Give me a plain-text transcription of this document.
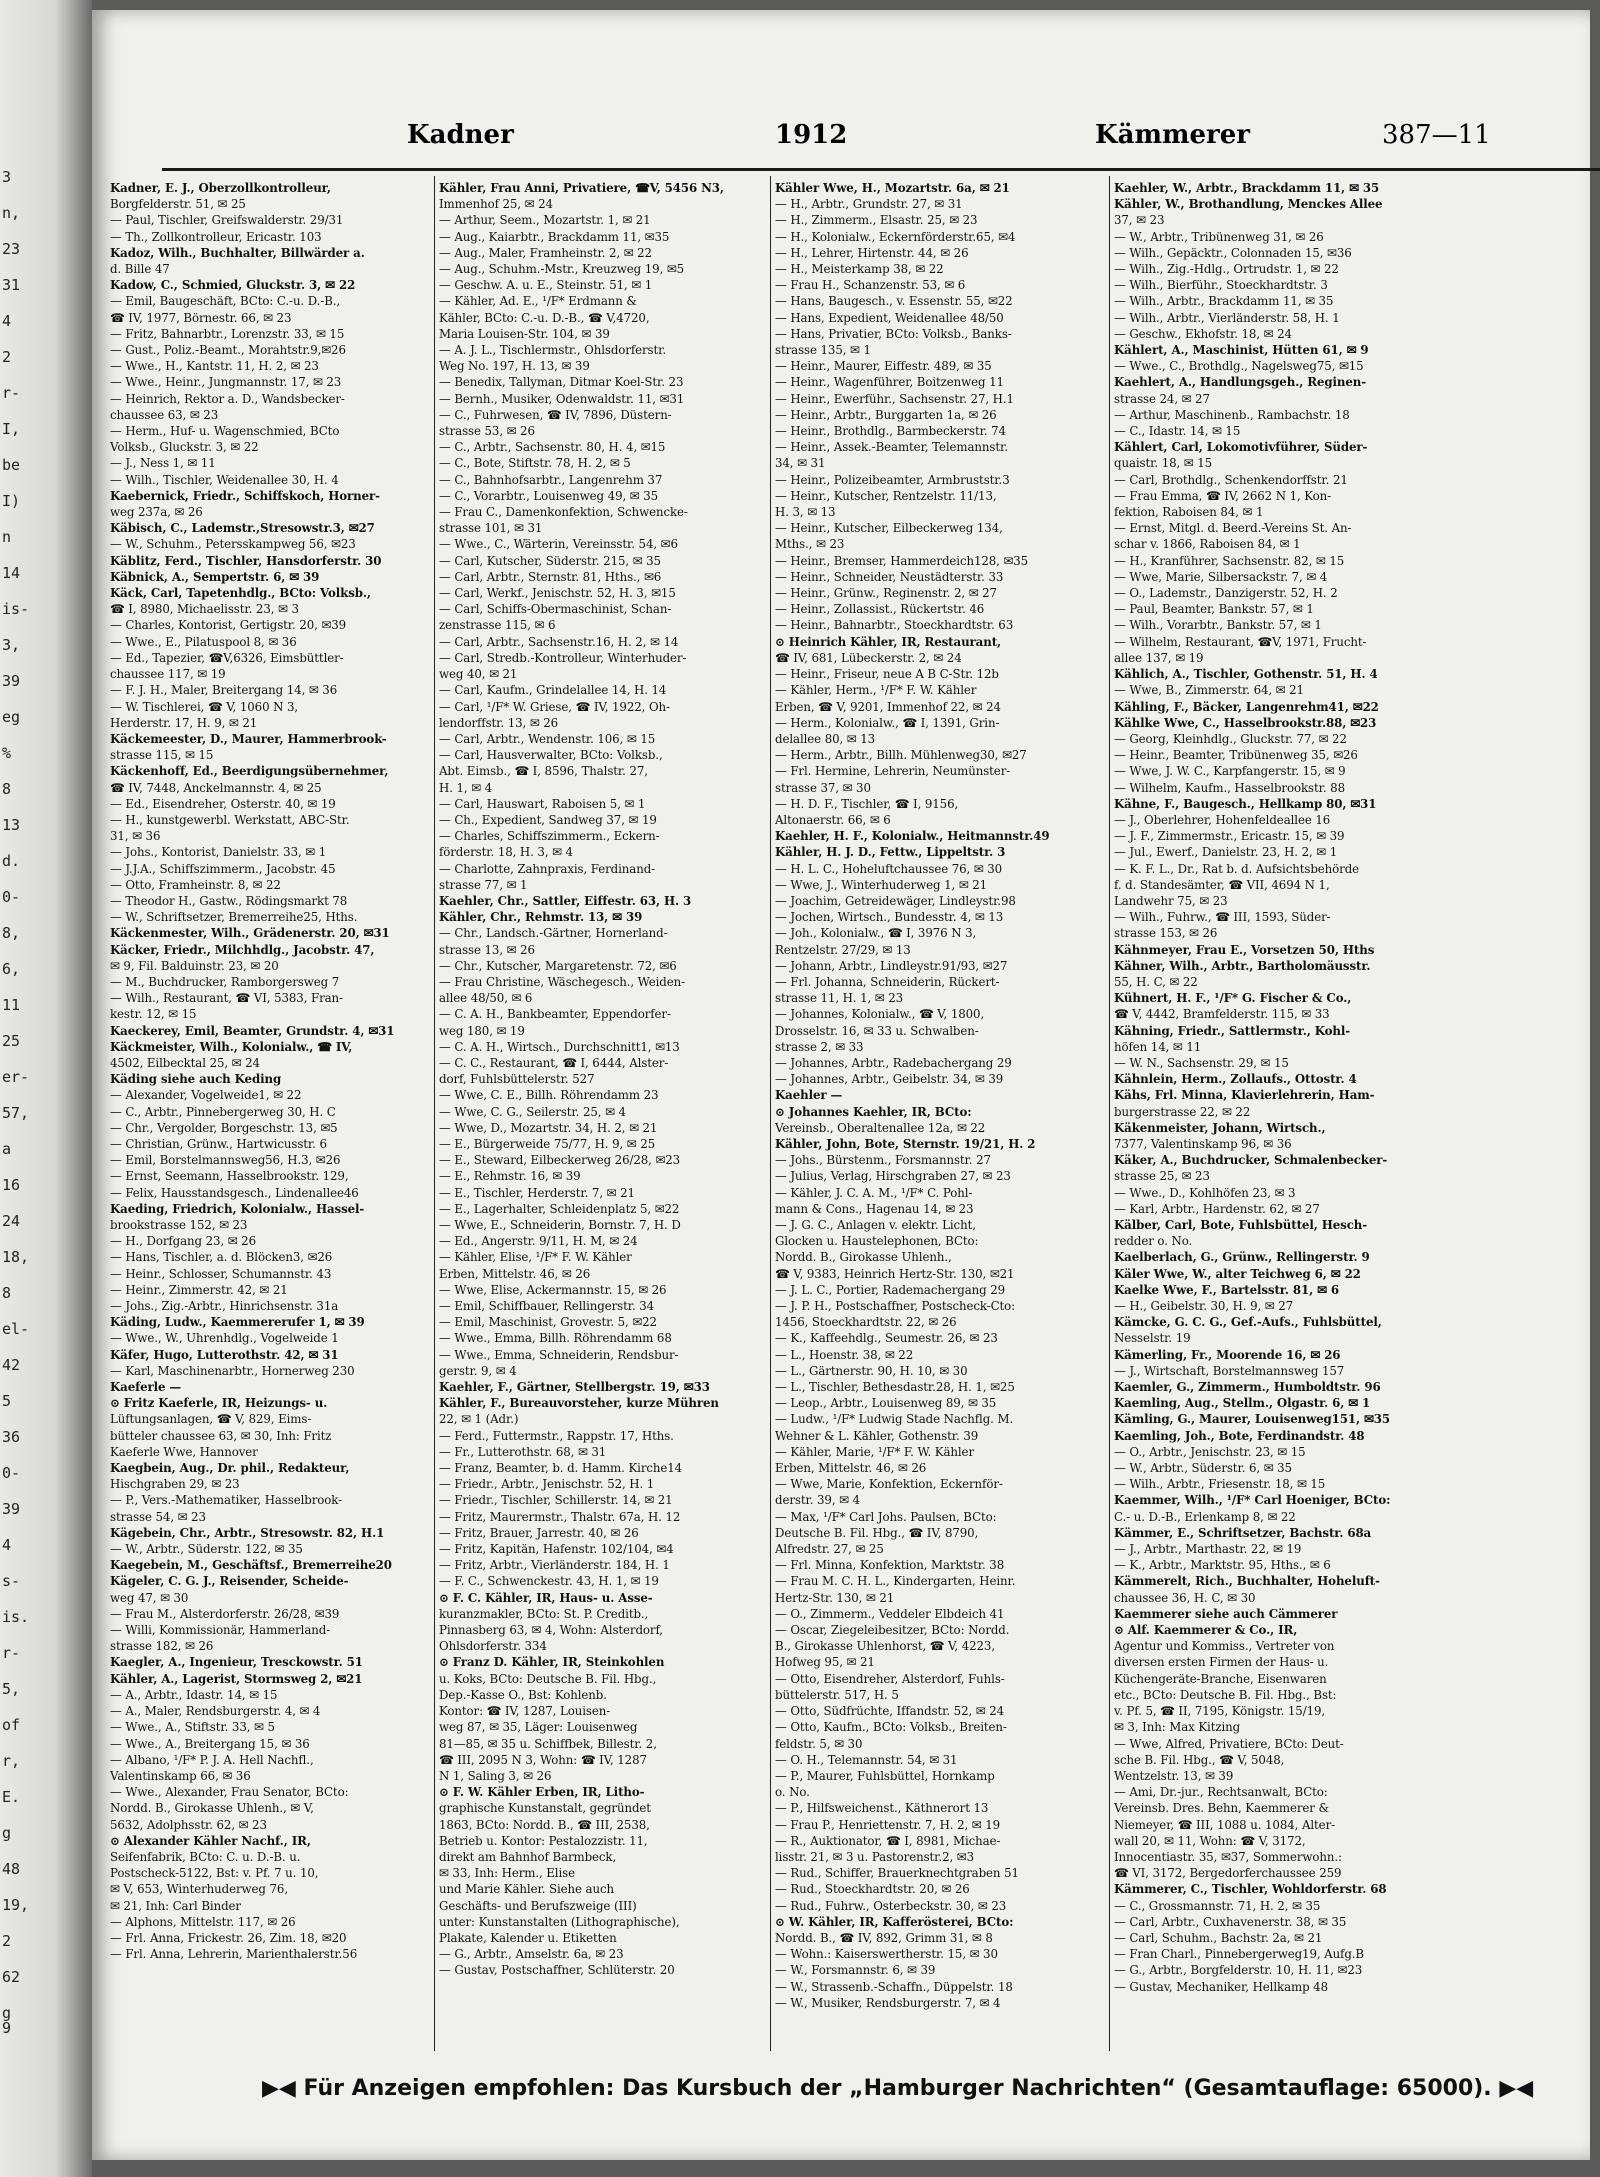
3
n,
23
31
4
2
r-
I,
be
I)
n
14
is-
3,
39
eg
%
8
13
d.
0-
8,
6,
11
25
er-
57,
a
16
24
18,
8
el-
42
5
36
0-
39
4
s-
is.
r-
5,
of
r,
E.
g
48
19,
2
62
g 9
Kadner	1912	Kämmerer	387—11
Kadner, E. J., Oberzollkontrolleur,
Borgfelderstr. 51, ✉ 25
— Paul, Tischler, Greifswalderstr. 29/31
— Th., Zollkontrolleur, Ericastr. 103
Kadoz, Wilh., Buchhalter, Billwärder a.
d. Bille 47
Kadow, C., Schmied, Gluckstr. 3, ✉ 22
— Emil, Baugeschäft, BCto: C.-u. D.-B.,
☎ IV, 1977, Börnestr. 66, ✉ 23
— Fritz, Bahnarbtr., Lorenzstr. 33, ✉ 15
— Gust., Poliz.-Beamt., Morahtstr.9,✉26
— Wwe., H., Kantstr. 11, H. 2, ✉ 23
— Wwe., Heinr., Jungmannstr. 17, ✉ 23
— Heinrich, Rektor a. D., Wandsbecker-
chaussee 63, ✉ 23
— Herm., Huf- u. Wagenschmied, BCto
Volksb., Gluckstr. 3, ✉ 22
— J., Ness 1, ✉ 11
— Wilh., Tischler, Weidenallee 30, H. 4
Kaebernick, Friedr., Schiffskoch, Horner-
weg 237a, ✉ 26
Käbisch, C., Lademstr.,Stresowstr.3, ✉27
— W., Schuhm., Petersskampweg 56, ✉23
Käblitz, Ferd., Tischler, Hansdorferstr. 30
Käbnick, A., Sempertstr. 6, ✉ 39
Käck, Carl, Tapetenhdlg., BCto: Volksb.,
☎ I, 8980, Michaelisstr. 23, ✉ 3
— Charles, Kontorist, Gertigstr. 20, ✉39
— Wwe., E., Pilatuspool 8, ✉ 36
— Ed., Tapezier, ☎V,6326, Eimsbüttler-
chaussee 117, ✉ 19
— F. J. H., Maler, Breitergang 14, ✉ 36
— W. Tischlerei, ☎ V, 1060 N 3,
Herderstr. 17, H. 9, ✉ 21
Käckemeester, D., Maurer, Hammerbrook-
strasse 115, ✉ 15
Käckenhoff, Ed., Beerdigungsübernehmer,
☎ IV, 7448, Anckelmannstr. 4, ✉ 25
— Ed., Eisendreher, Osterstr. 40, ✉ 19
— H., kunstgewerbl. Werkstatt, ABC-Str.
31, ✉ 36
— Johs., Kontorist, Danielstr. 33, ✉ 1
— J.J.A., Schiffszimmerm., Jacobstr. 45
— Otto, Framheinstr. 8, ✉ 22
— Theodor H., Gastw., Rödingsmarkt 78
— W., Schriftsetzer, Bremerreihe25, Hths.
Käckenmester, Wilh., Grädenerstr. 20, ✉31
Käcker, Friedr., Milchhdlg., Jacobstr. 47,
✉ 9, Fil. Balduinstr. 23, ✉ 20
— M., Buchdrucker, Ramborgersweg 7
— Wilh., Restaurant, ☎ VI, 5383, Fran-
kestr. 12, ✉ 15
Kaeckerey, Emil, Beamter, Grundstr. 4, ✉31
Käckmeister, Wilh., Kolonialw., ☎ IV,
4502, Eilbecktal 25, ✉ 24
Käding siehe auch Keding
— Alexander, Vogelweide1, ✉ 22
— C., Arbtr., Pinnebergerweg 30, H. C
— Chr., Vergolder, Borgeschstr. 13, ✉5
— Christian, Grünw., Hartwicusstr. 6
— Emil, Borstelmannsweg56, H.3, ✉26
— Ernst, Seemann, Hasselbrookstr. 129,
— Felix, Hausstandsgesch., Lindenallee46
Kaeding, Friedrich, Kolonialw., Hassel-
brookstrasse 152, ✉ 23
— H., Dorfgang 23, ✉ 26
— Hans, Tischler, a. d. Blöcken3, ✉26
— Heinr., Schlosser, Schumannstr. 43
— Heinr., Zimmerstr. 42, ✉ 21
— Johs., Zig.-Arbtr., Hinrichsenstr. 31a
Käding, Ludw., Kaemmererufer 1, ✉ 39
— Wwe., W., Uhrenhdlg., Vogelweide 1
Käfer, Hugo, Lutterothstr. 42, ✉ 31
— Karl, Maschinenarbtr., Hornerweg 230
Kaeferle —
⊙ Fritz Kaeferle, IR, Heizungs- u.
Lüftungsanlagen, ☎ V, 829, Eims-
bütteler chaussee 63, ✉ 30, Inh: Fritz
Kaeferle Wwe, Hannover
Kaegbein, Aug., Dr. phil., Redakteur,
Hischgraben 29, ✉ 23
— P., Vers.-Mathematiker, Hasselbrook-
strasse 54, ✉ 23
Kägebein, Chr., Arbtr., Stresowstr. 82, H.1
— W., Arbtr., Süderstr. 122, ✉ 35
Kaegebein, M., Geschäftsf., Bremerreihe20
Kägeler, C. G. J., Reisender, Scheide-
weg 47, ✉ 30
— Frau M., Alsterdorferstr. 26/28, ✉39
— Willi, Kommissionär, Hammerland-
strasse 182, ✉ 26
Kaegler, A., Ingenieur, Tresckowstr. 51
Kähler, A., Lagerist, Stormsweg 2, ✉21
— A., Arbtr., Idastr. 14, ✉ 15
— A., Maler, Rendsburgerstr. 4, ✉ 4
— Wwe., A., Stiftstr. 33, ✉ 5
— Wwe., A., Breitergang 15, ✉ 36
— Albano, ¹/F* P. J. A. Hell Nachfl.,
Valentinskamp 66, ✉ 36
— Wwe., Alexander, Frau Senator, BCto:
Nordd. B., Girokasse Uhlenh., ✉ V,
5632, Adolphsstr. 62, ✉ 23
⊙ Alexander Kähler Nachf., IR,
Seifenfabrik, BCto: C. u. D.-B. u.
Postscheck-5122, Bst: v. Pf. 7 u. 10,
✉ V, 653, Winterhuderweg 76,
✉ 21, Inh: Carl Binder
— Alphons, Mittelstr. 117, ✉ 26
— Frl. Anna, Frickestr. 26, Zim. 18, ✉20
— Frl. Anna, Lehrerin, Marienthalerstr.56
Kähler, Frau Anni, Privatiere, ☎V, 5456 N3,
Immenhof 25, ✉ 24
— Arthur, Seem., Mozartstr. 1, ✉ 21
— Aug., Kaiarbtr., Brackdamm 11, ✉35
— Aug., Maler, Framheinstr. 2, ✉ 22
— Aug., Schuhm.-Mstr., Kreuzweg 19, ✉5
— Geschw. A. u. E., Steinstr. 51, ✉ 1
— Kähler, Ad. E., ¹/F* Erdmann &
Kähler, BCto: C.-u. D.-B., ☎ V,4720,
Maria Louisen-Str. 104, ✉ 39
— A. J. L., Tischlermstr., Ohlsdorferstr.
Weg No. 197, H. 13, ✉ 39
— Benedix, Tallyman, Ditmar Koel-Str. 23
— Bernh., Musiker, Odenwaldstr. 11, ✉31
— C., Fuhrwesen, ☎ IV, 7896, Düstern-
strasse 53, ✉ 26
— C., Arbtr., Sachsenstr. 80, H. 4, ✉15
— C., Bote, Stiftstr. 78, H. 2, ✉ 5
— C., Bahnhofsarbtr., Langenrehm 37
— C., Vorarbtr., Louisenweg 49, ✉ 35
— Frau C., Damenkonfektion, Schwencke-
strasse 101, ✉ 31
— Wwe., C., Wärterin, Vereinsstr. 54, ✉6
— Carl, Kutscher, Süderstr. 215, ✉ 35
— Carl, Arbtr., Sternstr. 81, Hths., ✉6
— Carl, Werkf., Jenischstr. 52, H. 3, ✉15
— Carl, Schiffs-Obermaschinist, Schan-
zenstrasse 115, ✉ 6
— Carl, Arbtr., Sachsenstr.16, H. 2, ✉ 14
— Carl, Stredb.-Kontrolleur, Winterhuder-
weg 40, ✉ 21
— Carl, Kaufm., Grindelallee 14, H. 14
— Carl, ¹/F* W. Griese, ☎ IV, 1922, Oh-
lendorffstr. 13, ✉ 26
— Carl, Arbtr., Wendenstr. 106, ✉ 15
— Carl, Hausverwalter, BCto: Volksb.,
Abt. Eimsb., ☎ I, 8596, Thalstr. 27,
H. 1, ✉ 4
— Carl, Hauswart, Raboisen 5, ✉ 1
— Ch., Expedient, Sandweg 37, ✉ 19
— Charles, Schiffszimmerm., Eckern-
förderstr. 18, H. 3, ✉ 4
— Charlotte, Zahnpraxis, Ferdinand-
strasse 77, ✉ 1
Kaehler, Chr., Sattler, Eiffestr. 63, H. 3
Kähler, Chr., Rehmstr. 13, ✉ 39
— Chr., Landsch.-Gärtner, Hornerland-
strasse 13, ✉ 26
— Chr., Kutscher, Margaretenstr. 72, ✉6
— Frau Christine, Wäschegesch., Weiden-
allee 48/50, ✉ 6
— C. A. H., Bankbeamter, Eppendorfer-
weg 180, ✉ 19
— C. A. H., Wirtsch., Durchschnitt1, ✉13
— C. C., Restaurant, ☎ I, 6444, Alster-
dorf, Fuhlsbüttelerstr. 527
— Wwe, C. E., Billh. Röhrendamm 23
— Wwe, C. G., Seilerstr. 25, ✉ 4
— Wwe, D., Mozartstr. 34, H. 2, ✉ 21
— E., Bürgerweide 75/77, H. 9, ✉ 25
— E., Steward, Eilbeckerweg 26/28, ✉23
— E., Rehmstr. 16, ✉ 39
— E., Tischler, Herderstr. 7, ✉ 21
— E., Lagerhalter, Schleidenplatz 5, ✉22
— Wwe, E., Schneiderin, Bornstr. 7, H. D
— Ed., Angerstr. 9/11, H. M, ✉ 24
— Kähler, Elise, ¹/F* F. W. Kähler
Erben, Mittelstr. 46, ✉ 26
— Wwe, Elise, Ackermannstr. 15, ✉ 26
— Emil, Schiffbauer, Rellingerstr. 34
— Emil, Maschinist, Grovestr. 5, ✉22
— Wwe., Emma, Billh. Röhrendamm 68
— Wwe., Emma, Schneiderin, Rendsbur-
gerstr. 9, ✉ 4
Kaehler, F., Gärtner, Stellbergstr. 19, ✉33
Kähler, F., Bureauvorsteher, kurze Mühren
22, ✉ 1 (Adr.)
— Ferd., Futtermstr., Rappstr. 17, Hths.
— Fr., Lutterothstr. 68, ✉ 31
— Franz, Beamter, b. d. Hamm. Kirche14
— Friedr., Arbtr., Jenischstr. 52, H. 1
— Friedr., Tischler, Schillerstr. 14, ✉ 21
— Fritz, Maurermstr., Thalstr. 67a, H. 12
— Fritz, Brauer, Jarrestr. 40, ✉ 26
— Fritz, Kapitän, Hafenstr. 102/104, ✉4
— Fritz, Arbtr., Vierländerstr. 184, H. 1
— F. C., Schwenckestr. 43, H. 1, ✉ 19
⊙ F. C. Kähler, IR, Haus- u. Asse-
kuranzmakler, BCto: St. P. Creditb.,
Pinnasberg 63, ✉ 4, Wohn: Alsterdorf,
Ohlsdorferstr. 334
⊙ Franz D. Kähler, IR, Steinkohlen
u. Koks, BCto: Deutsche B. Fil. Hbg.,
Dep.-Kasse O., Bst: Kohlenb.
Kontor: ☎ IV, 1287, Louisen-
weg 87, ✉ 35, Läger: Louisenweg
81—85, ✉ 35 u. Schiffbek, Billestr. 2,
☎ III, 2095 N 3, Wohn: ☎ IV, 1287
N 1, Saling 3, ✉ 26
⊙ F. W. Kähler Erben, IR, Litho-
graphische Kunstanstalt, gegründet
1863, BCto: Nordd. B., ☎ III, 2538,
Betrieb u. Kontor: Pestalozzistr. 11,
direkt am Bahnhof Barmbeck,
✉ 33, Inh: Herm., Elise
und Marie Kähler. Siehe auch
Geschäfts- und Berufszweige (III)
unter: Kunstanstalten (Lithographische),
Plakate, Kalender u. Etiketten
— G., Arbtr., Amselstr. 6a, ✉ 23
— Gustav, Postschaffner, Schlüterstr. 20
Kähler Wwe, H., Mozartstr. 6a, ✉ 21
— H., Arbtr., Grundstr. 27, ✉ 31
— H., Zimmerm., Elsastr. 25, ✉ 23
— H., Kolonialw., Eckernförderstr.65, ✉4
— H., Lehrer, Hirtenstr. 44, ✉ 26
— H., Meisterkamp 38, ✉ 22
— Frau H., Schanzenstr. 53, ✉ 6
— Hans, Baugesch., v. Essenstr. 55, ✉22
— Hans, Expedient, Weidenallee 48/50
— Hans, Privatier, BCto: Volksb., Banks-
strasse 135, ✉ 1
— Heinr., Maurer, Eiffestr. 489, ✉ 35
— Heinr., Wagenführer, Boitzenweg 11
— Heinr., Ewerführ., Sachsenstr. 27, H.1
— Heinr., Arbtr., Burggarten 1a, ✉ 26
— Heinr., Brothdlg., Barmbeckerstr. 74
— Heinr., Assek.-Beamter, Telemannstr.
34, ✉ 31
— Heinr., Polizeibeamter, Armbruststr.3
— Heinr., Kutscher, Rentzelstr. 11/13,
H. 3, ✉ 13
— Heinr., Kutscher, Eilbeckerweg 134,
Mths., ✉ 23
— Heinr., Bremser, Hammerdeich128, ✉35
— Heinr., Schneider, Neustädterstr. 33
— Heinr., Grünw., Reginenstr. 2, ✉ 27
— Heinr., Zollassist., Rückertstr. 46
— Heinr., Bahnarbtr., Stoeckhardtstr. 63
⊙ Heinrich Kähler, IR, Restaurant,
☎ IV, 681, Lübeckerstr. 2, ✉ 24
— Heinr., Friseur, neue A B C-Str. 12b
— Kähler, Herm., ¹/F* F. W. Kähler
Erben, ☎ V, 9201, Immenhof 22, ✉ 24
— Herm., Kolonialw., ☎ I, 1391, Grin-
delallee 80, ✉ 13
— Herm., Arbtr., Billh. Mühlenweg30, ✉27
— Frl. Hermine, Lehrerin, Neumünster-
strasse 37, ✉ 30
— H. D. F., Tischler, ☎ I, 9156,
Altonaerstr. 66, ✉ 6
Kaehler, H. F., Kolonialw., Heitmannstr.49
Kähler, H. J. D., Fettw., Lippeltstr. 3
— H. L. C., Hoheluftchaussee 76, ✉ 30
— Wwe, J., Winterhuderweg 1, ✉ 21
— Joachim, Getreidewäger, Lindleystr.98
— Jochen, Wirtsch., Bundesstr. 4, ✉ 13
— Joh., Kolonialw., ☎ I, 3976 N 3,
Rentzelstr. 27/29, ✉ 13
— Johann, Arbtr., Lindleystr.91/93, ✉27
— Frl. Johanna, Schneiderin, Rückert-
strasse 11, H. 1, ✉ 23
— Johannes, Kolonialw., ☎ V, 1800,
Drosselstr. 16, ✉ 33 u. Schwalben-
strasse 2, ✉ 33
— Johannes, Arbtr., Radebachergang 29
— Johannes, Arbtr., Geibelstr. 34, ✉ 39
Kaehler —
⊙ Johannes Kaehler, IR, BCto:
Vereinsb., Oberaltenallee 12a, ✉ 22
Kähler, John, Bote, Sternstr. 19/21, H. 2
— Johs., Bürstenm., Forsmannstr. 27
— Julius, Verlag, Hirschgraben 27, ✉ 23
— Kähler, J. C. A. M., ¹/F* C. Pohl-
mann & Cons., Hagenau 14, ✉ 23
— J. G. C., Anlagen v. elektr. Licht,
Glocken u. Haustelephonen, BCto:
Nordd. B., Girokasse Uhlenh.,
☎ V, 9383, Heinrich Hertz-Str. 130, ✉21
— J. L. C., Portier, Rademachergang 29
— J. P. H., Postschaffner, Postscheck-Cto:
1456, Stoeckhardtstr. 22, ✉ 26
— K., Kaffeehdlg., Seumestr. 26, ✉ 23
— L., Hoenstr. 38, ✉ 22
— L., Gärtnerstr. 90, H. 10, ✉ 30
— L., Tischler, Bethesdastr.28, H. 1, ✉25
— Leop., Arbtr., Louisenweg 89, ✉ 35
— Ludw., ¹/F* Ludwig Stade Nachflg. M.
Wehner & L. Kähler, Gothenstr. 39
— Kähler, Marie, ¹/F* F. W. Kähler
Erben, Mittelstr. 46, ✉ 26
— Wwe, Marie, Konfektion, Eckernför-
derstr. 39, ✉ 4
— Max, ¹/F* Carl Johs. Paulsen, BCto:
Deutsche B. Fil. Hbg., ☎ IV, 8790,
Alfredstr. 27, ✉ 25
— Frl. Minna, Konfektion, Marktstr. 38
— Frau M. C. H. L., Kindergarten, Heinr.
Hertz-Str. 130, ✉ 21
— O., Zimmerm., Veddeler Elbdeich 41
— Oscar, Ziegeleibesitzer, BCto: Nordd.
B., Girokasse Uhlenhorst, ☎ V, 4223,
Hofweg 95, ✉ 21
— Otto, Eisendreher, Alsterdorf, Fuhls-
büttelerstr. 517, H. 5
— Otto, Südfrüchte, Iffandstr. 52, ✉ 24
— Otto, Kaufm., BCto: Volksb., Breiten-
feldstr. 5, ✉ 30
— O. H., Telemannstr. 54, ✉ 31
— P., Maurer, Fuhlsbüttel, Hornkamp
o. No.
— P., Hilfsweichenst., Käthnerort 13
— Frau P., Henriettenstr. 7, H. 2, ✉ 19
— R., Auktionator, ☎ I, 8981, Michae-
lisstr. 21, ✉ 3 u. Pastorenstr.2, ✉3
— Rud., Schiffer, Brauerknechtgraben 51
— Rud., Stoeckhardtstr. 20, ✉ 26
— Rud., Fuhrw., Osterbeckstr. 30, ✉ 23
⊙ W. Kähler, IR, Kafferösterei, BCto:
Nordd. B., ☎ IV, 892, Grimm 31, ✉ 8
— Wohn.: Kaiserswertherstr. 15, ✉ 30
— W., Forsmannstr. 6, ✉ 39
— W., Strassenb.-Schaffn., Düppelstr. 18
— W., Musiker, Rendsburgerstr. 7, ✉ 4
Kaehler, W., Arbtr., Brackdamm 11, ✉ 35
Kähler, W., Brothandlung, Menckes Allee
37, ✉ 23
— W., Arbtr., Tribünenweg 31, ✉ 26
— Wilh., Gepäcktr., Colonnaden 15, ✉36
— Wilh., Zig.-Hdlg., Ortrudstr. 1, ✉ 22
— Wilh., Bierführ., Stoeckhardtstr. 3
— Wilh., Arbtr., Brackdamm 11, ✉ 35
— Wilh., Arbtr., Vierländerstr. 58, H. 1
— Geschw., Ekhofstr. 18, ✉ 24
Kählert, A., Maschinist, Hütten 61, ✉ 9
— Wwe., C., Brothdlg., Nagelsweg75, ✉15
Kaehlert, A., Handlungsgeh., Reginen-
strasse 24, ✉ 27
— Arthur, Maschinenb., Rambachstr. 18
— C., Idastr. 14, ✉ 15
Kählert, Carl, Lokomotivführer, Süder-
quaistr. 18, ✉ 15
— Carl, Brothdlg., Schenkendorffstr. 21
— Frau Emma, ☎ IV, 2662 N 1, Kon-
fektion, Raboisen 84, ✉ 1
— Ernst, Mitgl. d. Beerd.-Vereins St. An-
schar v. 1866, Raboisen 84, ✉ 1
— H., Kranführer, Sachsenstr. 82, ✉ 15
— Wwe, Marie, Silbersackstr. 7, ✉ 4
— O., Lademstr., Danzigerstr. 52, H. 2
— Paul, Beamter, Bankstr. 57, ✉ 1
— Wilh., Vorarbtr., Bankstr. 57, ✉ 1
— Wilhelm, Restaurant, ☎V, 1971, Frucht-
allee 137, ✉ 19
Kählich, A., Tischler, Gothenstr. 51, H. 4
— Wwe, B., Zimmerstr. 64, ✉ 21
Kähling, F., Bäcker, Langenrehm41, ✉22
Kählke Wwe, C., Hasselbrookstr.88, ✉23
— Georg, Kleinhdlg., Gluckstr. 77, ✉ 22
— Heinr., Beamter, Tribünenweg 35, ✉26
— Wwe, J. W. C., Karpfangerstr. 15, ✉ 9
— Wilhelm, Kaufm., Hasselbrookstr. 88
Kähne, F., Baugesch., Hellkamp 80, ✉31
— J., Oberlehrer, Hohenfeldeallee 16
— J. F., Zimmermstr., Ericastr. 15, ✉ 39
— Jul., Ewerf., Danielstr. 23, H. 2, ✉ 1
— K. F. L., Dr., Rat b. d. Aufsichtsbehörde
f. d. Standesämter, ☎ VII, 4694 N 1,
Landwehr 75, ✉ 23
— Wilh., Fuhrw., ☎ III, 1593, Süder-
strasse 153, ✉ 26
Kähnmeyer, Frau E., Vorsetzen 50, Hths
Kähner, Wilh., Arbtr., Bartholomäusstr.
55, H. C, ✉ 22
Kühnert, H. F., ¹/F* G. Fischer & Co.,
☎ V, 4442, Bramfelderstr. 115, ✉ 33
Kähning, Friedr., Sattlermstr., Kohl-
höfen 14, ✉ 11
— W. N., Sachsenstr. 29, ✉ 15
Kähnlein, Herm., Zollaufs., Ottostr. 4
Kähs, Frl. Minna, Klavierlehrerin, Ham-
burgerstrasse 22, ✉ 22
Käkenmeister, Johann, Wirtsch.,
7377, Valentinskamp 96, ✉ 36
Käker, A., Buchdrucker, Schmalenbecker-
strasse 25, ✉ 23
— Wwe., D., Kohlhöfen 23, ✉ 3
— Karl, Arbtr., Hardenstr. 62, ✉ 27
Kälber, Carl, Bote, Fuhlsbüttel, Hesch-
redder o. No.
Kaelberlach, G., Grünw., Rellingerstr. 9
Käler Wwe, W., alter Teichweg 6, ✉ 22
Kaelke Wwe, F., Bartelsstr. 81, ✉ 6
— H., Geibelstr. 30, H. 9, ✉ 27
Kämcke, G. C. G., Gef.-Aufs., Fuhlsbüttel,
Nesselstr. 19
Kämerling, Fr., Moorende 16, ✉ 26
— J., Wirtschaft, Borstelmannsweg 157
Kaemler, G., Zimmerm., Humboldtstr. 96
Kaemling, Aug., Stellm., Olgastr. 6, ✉ 1
Kämling, G., Maurer, Louisenweg151, ✉35
Kaemling, Joh., Bote, Ferdinandstr. 48
— O., Arbtr., Jenischstr. 23, ✉ 15
— W., Arbtr., Süderstr. 6, ✉ 35
— Wilh., Arbtr., Friesenstr. 18, ✉ 15
Kaemmer, Wilh., ¹/F* Carl Hoeniger, BCto:
C.- u. D.-B., Erlenkamp 8, ✉ 22
Kämmer, E., Schriftsetzer, Bachstr. 68a
— J., Arbtr., Marthastr. 22, ✉ 19
— K., Arbtr., Marktstr. 95, Hths., ✉ 6
Kämmerelt, Rich., Buchhalter, Hoheluft-
chaussee 36, H. C, ✉ 30
Kaemmerer siehe auch Cämmerer
⊙ Alf. Kaemmerer & Co., IR,
Agentur und Kommiss., Vertreter von
diversen ersten Firmen der Haus- u.
Küchengeräte-Branche, Eisenwaren
etc., BCto: Deutsche B. Fil. Hbg., Bst:
v. Pf. 5, ☎ II, 7195, Königstr. 15/19,
✉ 3, Inh: Max Kitzing
— Wwe, Alfred, Privatiere, BCto: Deut-
sche B. Fil. Hbg., ☎ V, 5048,
Wentzelstr. 13, ✉ 39
— Ami, Dr.-jur., Rechtsanwalt, BCto:
Vereinsb. Dres. Behn, Kaemmerer &
Niemeyer, ☎ III, 1088 u. 1084, Alter-
wall 20, ✉ 11, Wohn: ☎ V, 3172,
Innocentiastr. 35, ✉37, Sommerwohn.:
☎ VI, 3172, Bergedorferchaussee 259
Kämmerer, C., Tischler, Wohldorferstr. 68
— C., Grossmannstr. 71, H. 2, ✉ 35
— Carl, Arbtr., Cuxhavenerstr. 38, ✉ 35
— Carl, Schuhm., Bachstr. 2a, ✉ 21
— Fran Charl., Pinnebergerweg19, Aufg.B
— G., Arbtr., Borgfelderstr. 10, H. 11, ✉23
— Gustav, Mechaniker, Hellkamp 48
▶◀ Für Anzeigen empfohlen: Das Kursbuch der „Hamburger Nachrichten“ (Gesamtauflage: 65000). ▶◀
